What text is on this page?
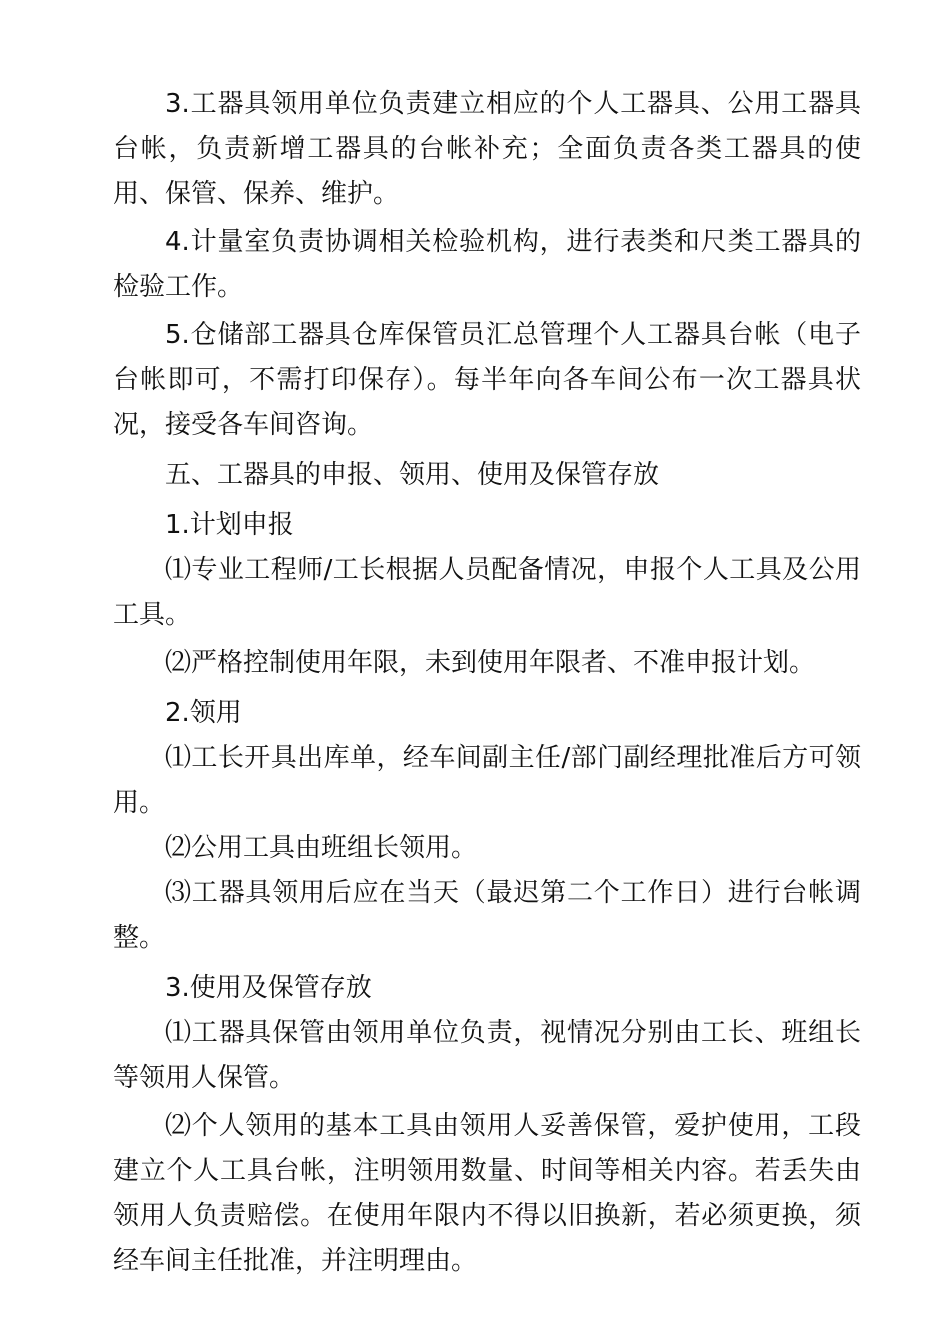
3.工器具领用单位负责建立相应的个人工器具、公用工器具台帐，负责新增工器具的台帐补充；全面负责各类工器具的使用、保管、保养、维护。

4.计量室负责协调相关检验机构，进行表类和尺类工器具的检验工作。

5.仓储部工器具仓库保管员汇总管理个人工器具台帐（电子台帐即可，不需打印保存）。每半年向各车间公布一次工器具状况，接受各车间咨询。

五、工器具的申报、领用、使用及保管存放

1.计划申报

⑴专业工程师/工长根据人员配备情况，申报个人工具及公用工具。

⑵严格控制使用年限，未到使用年限者、不准申报计划。

2.领用

⑴工长开具出库单，经车间副主任/部门副经理批准后方可领用。

⑵公用工具由班组长领用。

⑶工器具领用后应在当天（最迟第二个工作日）进行台帐调整。

3.使用及保管存放

⑴工器具保管由领用单位负责，视情况分别由工长、班组长等领用人保管。

⑵个人领用的基本工具由领用人妥善保管，爱护使用，工段建立个人工具台帐，注明领用数量、时间等相关内容。若丢失由领用人负责赔偿。在使用年限内不得以旧换新，若必须更换，须经车间主任批准，并注明理由。
